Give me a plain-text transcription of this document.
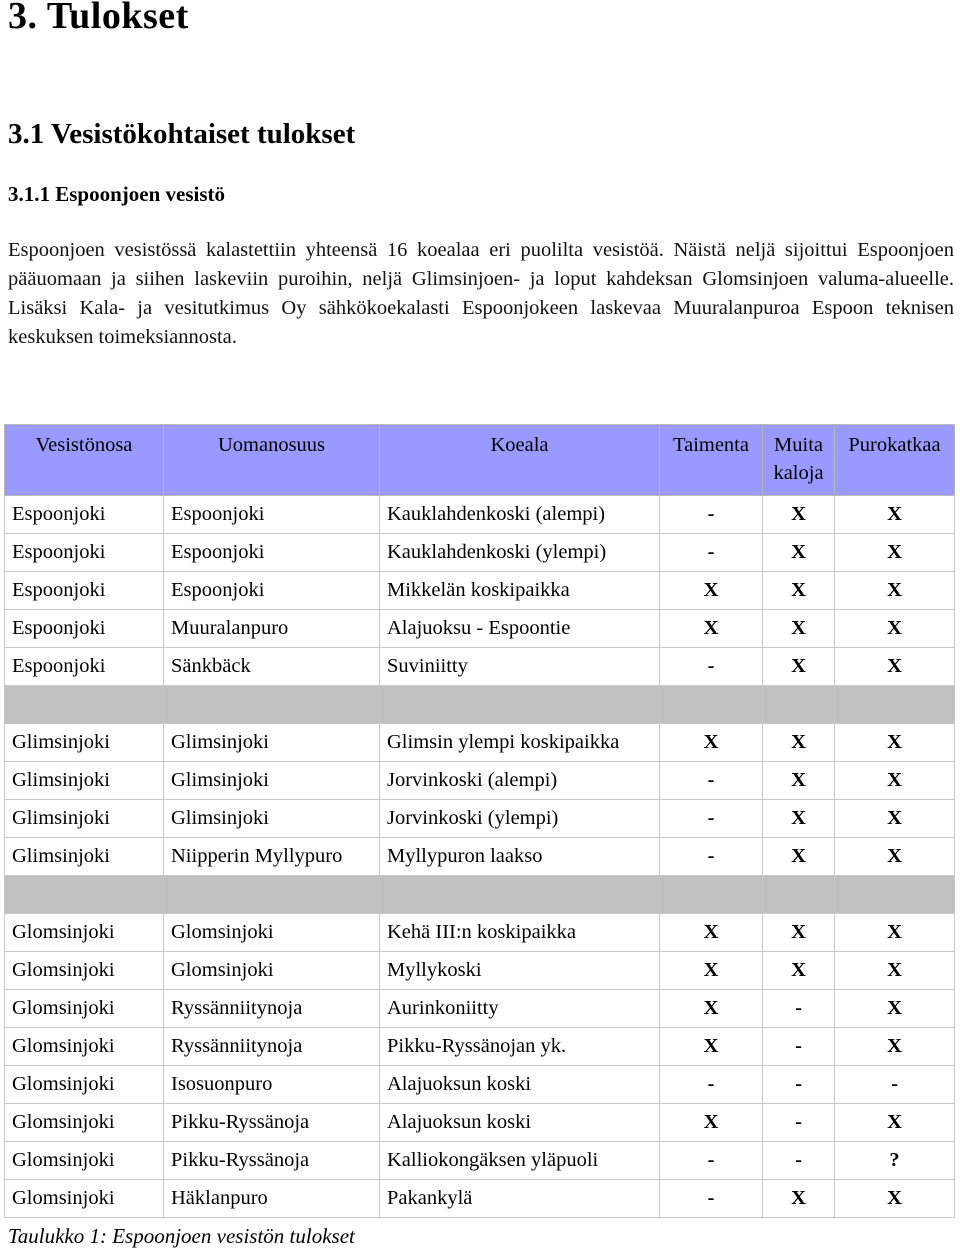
3. Tulokset
3.1 Vesistökohtaiset tulokset
3.1.1 Espoonjoen vesistö

Espoonjoen vesistössä kalastettiin yhteensä 16 koealaa eri puolilta vesistöä. Näistä neljä sijoittui Espoonjoen pääuomaan ja siihen laskeviin puroihin, neljä Glimsinjoen- ja loput kahdeksan Glomsinjoen valuma-alueelle. Lisäksi Kala- ja vesitutkimus Oy sähkökoekalasti Espoonjokeen laskevaa Muuralanpuroa Espoon teknisen keskuksen toimeksiannosta.

Vesistönosa	Uomanosuus	Koeala	Taimenta	Muita kaloja	Purokatkaa
Espoonjoki	Espoonjoki	Kauklahdenkoski (alempi)	-	X	X
Espoonjoki	Espoonjoki	Kauklahdenkoski (ylempi)	-	X	X
Espoonjoki	Espoonjoki	Mikkelän koskipaikka	X	X	X
Espoonjoki	Muuralanpuro	Alajuoksu - Espoontie	X	X	X
Espoonjoki	Sänkbäck	Suviniitty	-	X	X

Glimsinjoki	Glimsinjoki	Glimsin ylempi koskipaikka	X	X	X
Glimsinjoki	Glimsinjoki	Jorvinkoski (alempi)	-	X	X
Glimsinjoki	Glimsinjoki	Jorvinkoski (ylempi)	-	X	X
Glimsinjoki	Niipperin Myllypuro	Myllypuron laakso	-	X	X

Glomsinjoki	Glomsinjoki	Kehä III:n koskipaikka	X	X	X
Glomsinjoki	Glomsinjoki	Myllykoski	X	X	X
Glomsinjoki	Ryssänniitynoja	Aurinkoniitty	X	-	X
Glomsinjoki	Ryssänniitynoja	Pikku-Ryssänojan yk.	X	-	X
Glomsinjoki	Isosuonpuro	Alajuoksun koski	-	-	-
Glomsinjoki	Pikku-Ryssänoja	Alajuoksun koski	X	-	X
Glomsinjoki	Pikku-Ryssänoja	Kalliokongäksen yläpuoli	-	-	?
Glomsinjoki	Häklanpuro	Pakankylä	-	X	X

Taulukko 1: Espoonjoen vesistön tulokset
